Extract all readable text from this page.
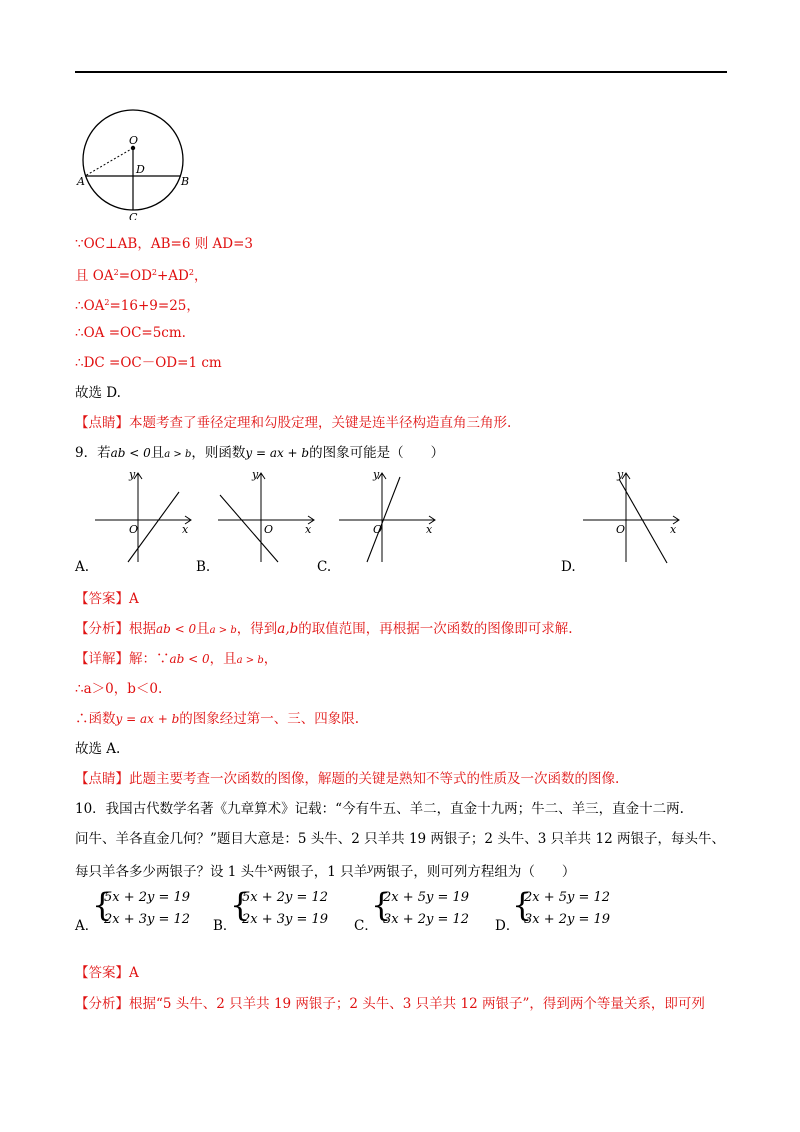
O
D
A	B
C
∵OC⊥AB，AB=6 则 AD=3
且 $OA^2=OD^2+AD^2$，
$\therefore OA^2=16+9=25$，
∴OA =OC=5cm.
∴DC =OC－OD=1 cm
故选 D.
【点睛】本题考查了垂径定理和勾股定理，关键是连半径构造直角三角形.
9．若ab < 0且a > b，则函数y = ax + b的图象可能是（　　）
y
x
O
y
x
O
y
x
O
y
x
O
A.	B.	C.	D.
【答案】A
【分析】根据ab < 0且a > b，得到a,b的取值范围，再根据一次函数的图像即可求解.
【详解】解：∵ab < 0，且a > b，
∴a＞0，b＜0.
∴函数y = ax + b的图象经过第一、三、四象限.
故选 A.
【点睛】此题主要考查一次函数的图像，解题的关键是熟知不等式的性质及一次函数的图像.
10．我国古代数学名著《九章算术》记载：“今有牛五、羊二，直金十九两；牛二、羊三，直金十二两.
问牛、羊各直金几何？”题目大意是：5 头牛、2 只羊共 19 两银子；2 头牛、3 只羊共 12 两银子，每头牛、
每只羊各多少两银子？设 1 头牛$^x$两银子，1 只羊$^y$两银子，则可列方程组为（　　）
A．
{
5x + 2y = 19
2x + 3y = 12 B．
{
5x + 2y = 12
2x + 3y = 19 C．
{
2x + 5y = 19
3x + 2y = 12 D．
{
2x + 5y = 12
3x + 2y = 19
【答案】A
【分析】根据“5 头牛、2 只羊共 19 两银子；2 头牛、3 只羊共 12 两银子”，得到两个等量关系，即可列
